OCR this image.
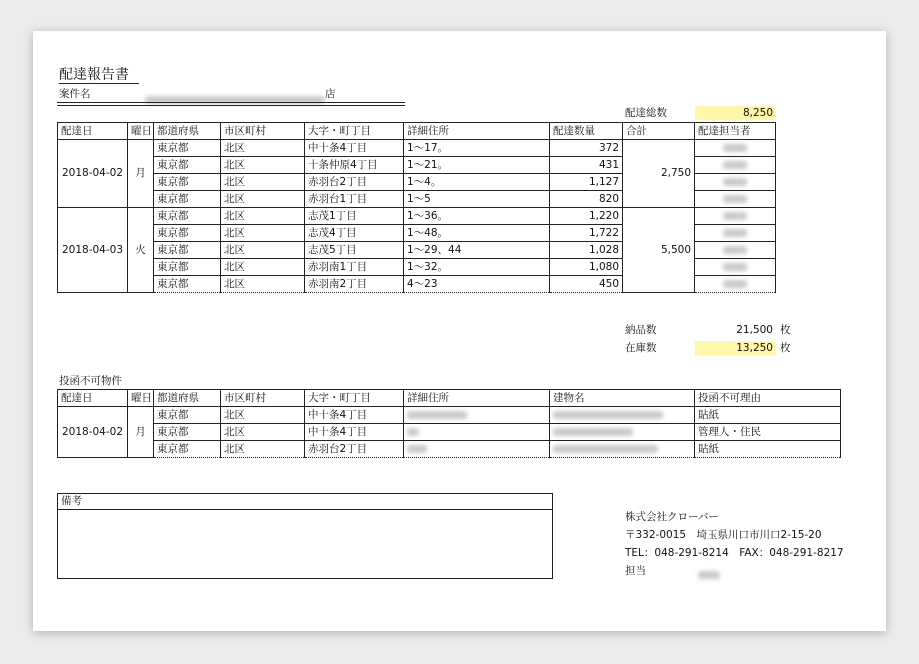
配達報告書
案件名	店
配達総数	8,250
配達日	曜日	都道府県	市区町村	大字・町丁目	詳細住所	配達数量	合計	配達担当者
2018-04-02	月	東京都	北区	中十条4丁目	1～17。	372	2,750	
		東京都	北区	十条仲原4丁目	1～21。	431		
		東京都	北区	赤羽台2丁目	1～4。	1,127		
		東京都	北区	赤羽台1丁目	1～5	820		
2018-04-03	火	東京都	北区	志茂1丁目	1～36。	1,220	5,500	
		東京都	北区	志茂4丁目	1～48。	1,722		
		東京都	北区	志茂5丁目	1～29、44	1,028		
		東京都	北区	赤羽南1丁目	1～32。	1,080		
		東京都	北区	赤羽南2丁目	4～23	450		
納品数	21,500 枚
在庫数	13,250 枚
投函不可物件
配達日	曜日	都道府県	市区町村	大字・町丁目	詳細住所	建物名	投函不可理由
2018-04-02	月	東京都	北区	中十条4丁目			貼紙
		東京都	北区	中十条4丁目			管理人・住民
		東京都	北区	赤羽台2丁目			貼紙
備考
株式会社クローバー
〒332-0015　埼玉県川口市川口2-15-20
TEL：048-291-8214　FAX：048-291-8217
担当
